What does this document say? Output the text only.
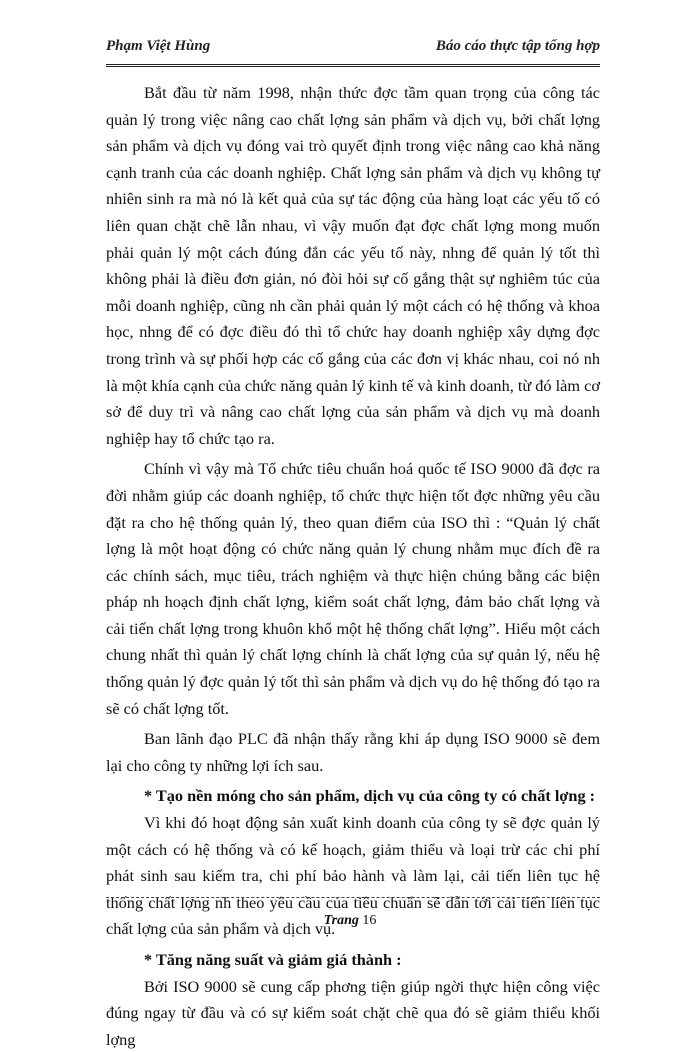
Phạm Việt Hùng	Báo cáo thực tập tổng hợp

Bắt đầu từ năm 1998, nhận thức đợc tầm quan trọng của công tác quản lý trong việc nâng cao chất lợng sản phẩm và dịch vụ, bởi chất lợng sản phẩm và dịch vụ đóng vai trò quyết định trong việc nâng cao khả năng cạnh tranh của các doanh nghiệp. Chất lợng sản phẩm và dịch vụ không tự nhiên sinh ra mà nó là kết quả của sự tác động của hàng loạt các yếu tố có liên quan chặt chẽ lẫn nhau, vì vậy muốn đạt đợc chất lợng mong muốn phải quản lý một cách đúng đắn các yếu tố này, nhng để quản lý tốt thì không phải là điều đơn giản, nó đòi hỏi sự cố gắng thật sự nghiêm túc của mỗi doanh nghiệp, cũng nh cần phải quản lý một cách có hệ thống và khoa học, nhng để có đợc điều đó thì tổ chức hay doanh nghiệp xây dựng đợc trong trình và sự phối hợp các cố gắng của các đơn vị khác nhau, coi nó nh là một khía cạnh của chức năng quản lý kinh tế và kinh doanh, từ đó làm cơ sở để duy trì và nâng cao chất lợng của sản phẩm và dịch vụ mà doanh nghiệp hay tổ chức tạo ra.

Chính vì vậy mà Tổ chức tiêu chuẩn hoá quốc tế ISO 9000 đã đợc ra đời nhằm giúp các doanh nghiệp, tổ chức thực hiện tốt đợc những yêu cầu đặt ra cho hệ thống quản lý, theo quan điểm của ISO thì : “Quản lý chất lợng là một hoạt động có chức năng quản lý chung nhằm mục đích đề ra các chính sách, mục tiêu, trách nghiệm và thực hiện chúng bằng các biện pháp nh hoạch định chất lợng, kiểm soát chất lợng, đảm bảo chất lợng và cải tiến chất lợng trong khuôn khổ một hệ thống chất lợng”. Hiểu một cách chung nhất thì quản lý chất lợng chính là chất lợng của sự quản lý, nếu hệ thống quản lý đợc quản lý tốt thì sản phẩm và dịch vụ do hệ thống đó tạo ra sẽ có chất lợng tốt.

Ban lãnh đạo PLC đã nhận thấy rằng khi áp dụng ISO 9000 sẽ đem lại cho công ty những lợi ích sau.

* Tạo nền móng cho sản phẩm, dịch vụ của công ty có chất lợng :

Vì khi đó hoạt động sản xuất kinh doanh của công ty sẽ đợc quản lý một cách có hệ thống và có kế hoạch, giảm thiểu và loại trừ các chi phí phát sinh sau kiểm tra, chi phí bảo hành và làm lại, cải tiến liên tục hệ thống chất lợng nh theo yêu cầu của tiêu chuẩn sẽ dẫn tới cải tiến liên tục chất lợng của sản phẩm và dịch vụ.

* Tăng năng suất và giảm giá thành :

Bởi ISO 9000 sẽ cung cấp phơng tiện giúp ngời thực hiện công việc đúng ngay từ đầu và có sự kiểm soát chặt chẽ qua đó sẽ giảm thiểu khối lợng

Trang 16
